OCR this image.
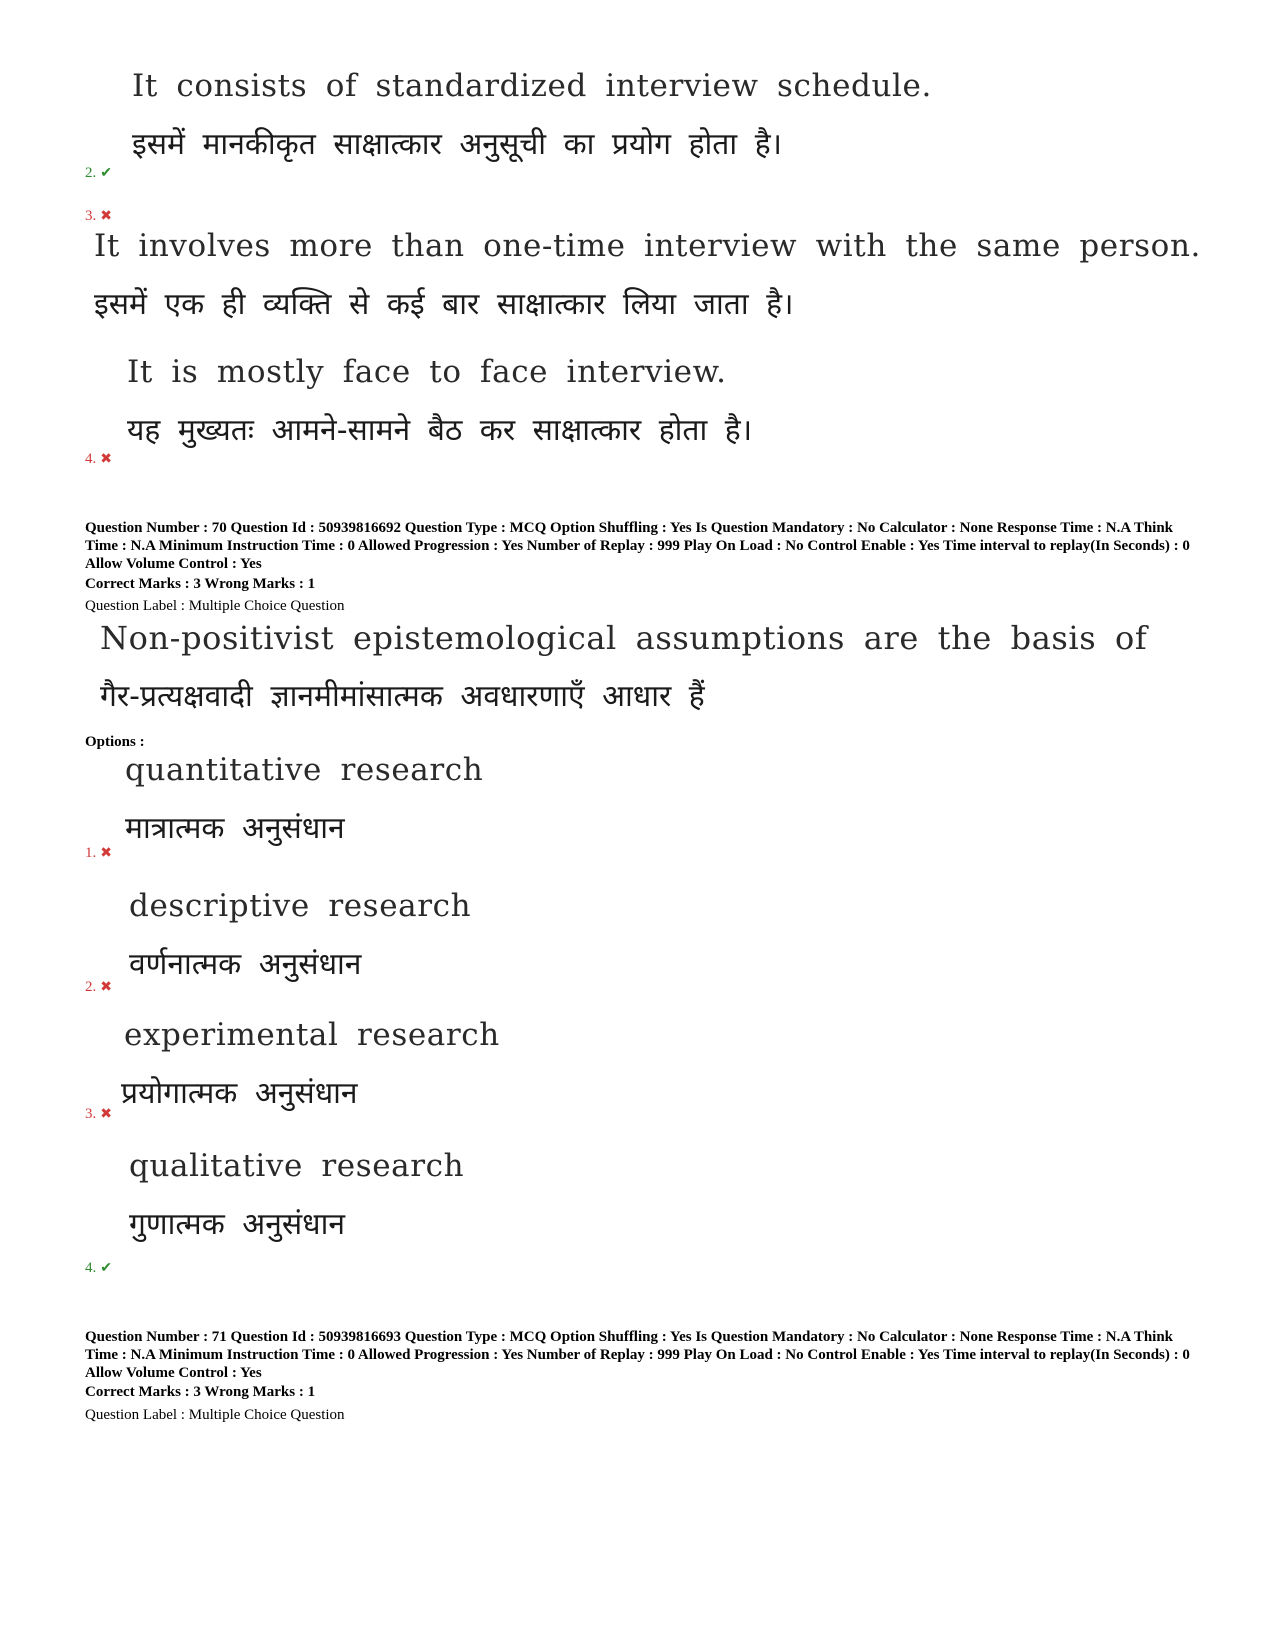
It consists of standardized interview schedule.
इसमें मानकीकृत साक्षात्कार अनुसूची का प्रयोग होता है।
2. ✔
3. ✖
It involves more than one-time interview with the same person.
इसमें एक ही व्यक्ति से कई बार साक्षात्कार लिया जाता है।
It is mostly face to face interview.
यह मुख्यतः आमने-सामने बैठ कर साक्षात्कार होता है।
4. ✖
Question Number : 70 Question Id : 50939816692 Question Type : MCQ Option Shuffling : Yes Is Question Mandatory : No Calculator : None Response Time : N.A Think Time : N.A Minimum Instruction Time : 0 Allowed Progression : Yes Number of Replay : 999 Play On Load : No Control Enable : Yes Time interval to replay(In Seconds) : 0 Allow Volume Control : Yes
Correct Marks : 3 Wrong Marks : 1
Question Label : Multiple Choice Question
Non-positivist epistemological assumptions are the basis of
गैर-प्रत्यक्षवादी ज्ञानमीमांसात्मक अवधारणाएँ आधार हैं
Options :
quantitative research
मात्रात्मक अनुसंधान
1. ✖
descriptive research
वर्णनात्मक अनुसंधान
2. ✖
experimental research
प्रयोगात्मक अनुसंधान
3. ✖
qualitative research
गुणात्मक अनुसंधान
4. ✔
Question Number : 71 Question Id : 50939816693 Question Type : MCQ Option Shuffling : Yes Is Question Mandatory : No Calculator : None Response Time : N.A Think Time : N.A Minimum Instruction Time : 0 Allowed Progression : Yes Number of Replay : 999 Play On Load : No Control Enable : Yes Time interval to replay(In Seconds) : 0 Allow Volume Control : Yes
Correct Marks : 3 Wrong Marks : 1
Question Label : Multiple Choice Question
